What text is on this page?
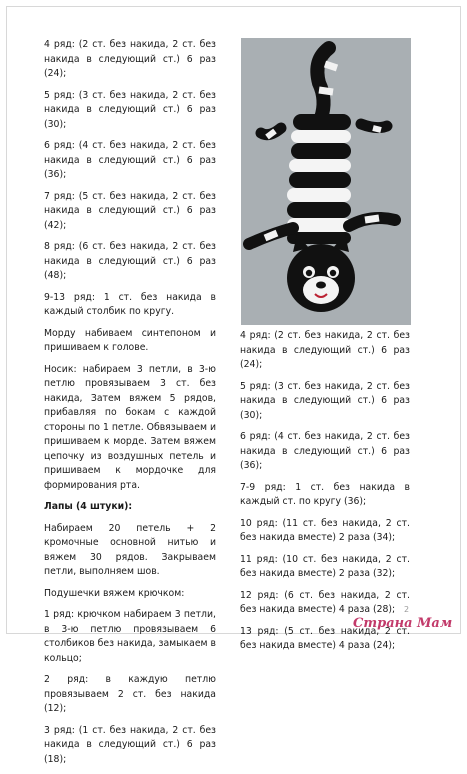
4 ряд: (2 ст. без накида, 2 ст. без накида в следующий ст.) 6 раз (24);

5 ряд: (3 ст. без накида, 2 ст. без накида в следующий ст.) 6 раз (30);

6 ряд: (4 ст. без накида, 2 ст. без накида в следующий ст.) 6 раз (36);

7 ряд: (5 ст. без накида, 2 ст. без накида в следующий ст.) 6 раз (42);

8 ряд: (6 ст. без накида, 2 ст. без накида в следующий ст.) 6 раз (48);

9-13 ряд: 1 ст. без накида в каждый столбик по кругу.

Мордy набиваем синтепоном и пришиваем к голове.

Носик: набираем 3 петли, в 3-ю петлю провязываем 3 ст. без накида, Затем вяжем 5 рядов, прибавляя по бокам с каждой стороны по 1 петле. Обвязываем и пришиваем к морде. Затем вяжем цепочку из воздушных петель и пришиваем к мордочке для формирования рта.

Лапы (4 штуки):

Набираем 20 петель + 2 кромочные основной нитью и вяжем 30 рядов. Закрываем петли, выполняем шов.

Подушечки вяжем крючком:

1 ряд: крючком набираем 3 петли, в 3-ю петлю провязываем 6 столбиков без накида, замыкаем в кольцо;

2 ряд: в каждую петлю провязываем 2 ст. без накида (12);

3 ряд: (1 ст. без накида, 2 ст. без накида в следующий ст.) 6 раз (18);

4 ряд: (2 ст. без накида, 2 ст. без накида в следующий ст.) 6 раз (24);

5 ряд: (3 ст. без накида, 2 ст. без накида в следующий ст.) 6 раз (30);

6 ряд: (4 ст. без накида, 2 ст. без накида в следующий ст.) 6 раз (36);

7-9 ряд: 1 ст. без накида в каждый ст. по кругу (36);

10 ряд: (11 ст. без накида, 2 ст. без накида вместе) 2 раза (34);

11 ряд: (10 ст. без накида, 2 ст. без накида вместе) 2 раза (32);

12 ряд: (6 ст. без накида, 2 ст. без накида вместе) 4 раза (28);

13 ряд: (5 ст. без накида, 2 ст. без накида вместе) 4 раза (24);

2
Страна Мам
